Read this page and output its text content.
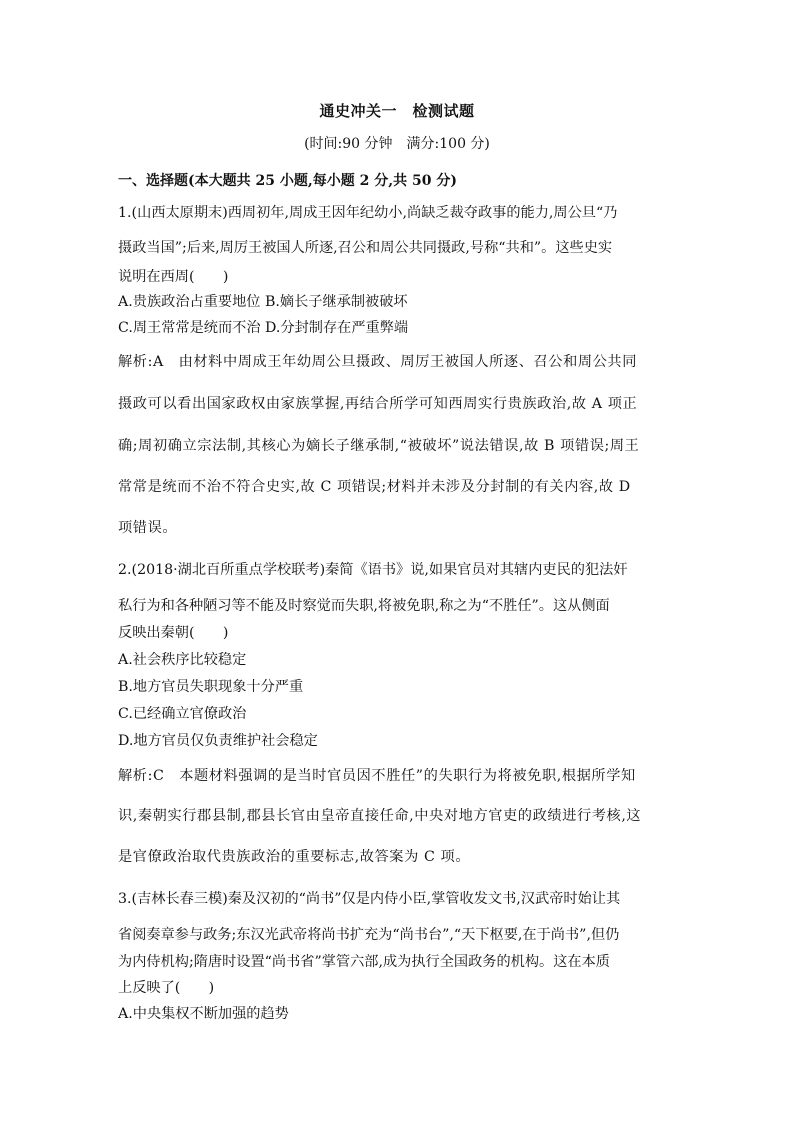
通史冲关一　检测试题
(时间:90 分钟　满分:100 分)
一、选择题(本大题共 25 小题,每小题 2 分,共 50 分)
1.(山西太原期末)西周初年,周成王因年纪幼小,尚缺乏裁夺政事的能力,周公旦“乃
摄政当国”;后来,周厉王被国人所逐,召公和周公共同摄政,号称“共和”。这些史实
说明在西周(　　)
A.贵族政治占重要地位 B.嫡长子继承制被破坏
C.周王常常是统而不治 D.分封制存在严重弊端
解析:A　由材料中周成王年幼周公旦摄政、周厉王被国人所逐、召公和周公共同
摄政可以看出国家政权由家族掌握,再结合所学可知西周实行贵族政治,故 A 项正
确;周初确立宗法制,其核心为嫡长子继承制,“被破坏”说法错误,故 B 项错误;周王
常常是统而不治不符合史实,故 C 项错误;材料并未涉及分封制的有关内容,故 D
项错误。
2.(2018·湖北百所重点学校联考)秦简《语书》说,如果官员对其辖内吏民的犯法奸
私行为和各种陋习等不能及时察觉而失职,将被免职,称之为“不胜任”。这从侧面
反映出秦朝(　　)
A.社会秩序比较稳定
B.地方官员失职现象十分严重
C.已经确立官僚政治
D.地方官员仅负责维护社会稳定
解析:C　本题材料强调的是当时官员因不胜任”的失职行为将被免职,根据所学知
识,秦朝实行郡县制,郡县长官由皇帝直接任命,中央对地方官吏的政绩进行考核,这
是官僚政治取代贵族政治的重要标志,故答案为 C 项。
3.(吉林长春三模)秦及汉初的“尚书”仅是内侍小臣,掌管收发文书,汉武帝时始让其
省阅奏章参与政务;东汉光武帝将尚书扩充为“尚书台”,“天下枢要,在于尚书”,但仍
为内侍机构;隋唐时设置“尚书省”掌管六部,成为执行全国政务的机构。这在本质
上反映了(　　)
A.中央集权不断加强的趋势
